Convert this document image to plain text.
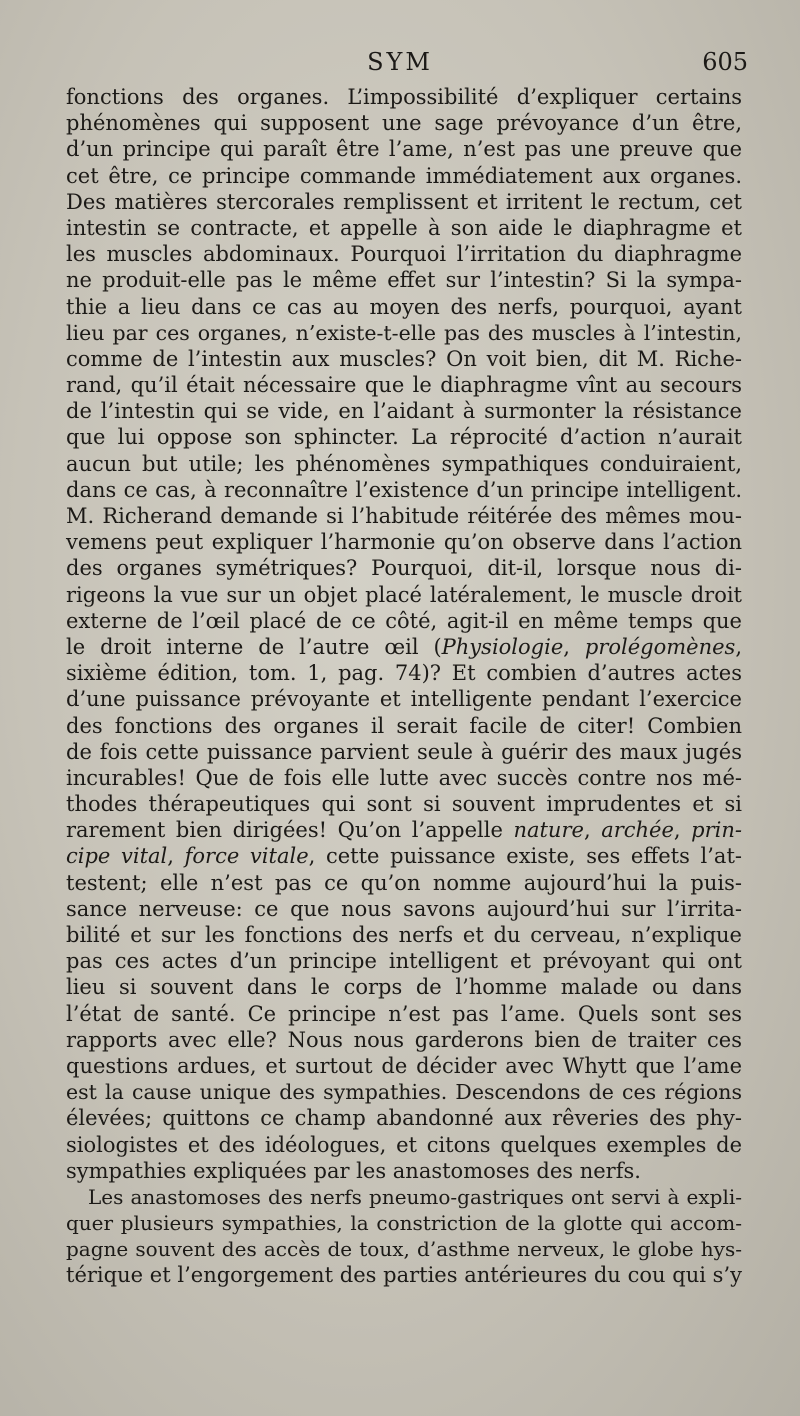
SYM	605
fonctions des organes. L’impossibilité d’expliquer certains
phénomènes qui supposent une sage prévoyance d’un être,
d’un principe qui paraît être l’ame, n’est pas une preuve que
cet être, ce principe commande immédiatement aux organes.
Des matières stercorales remplissent et irritent le rectum, cet
intestin se contracte, et appelle à son aide le diaphragme et
les muscles abdominaux. Pourquoi l’irritation du diaphragme
ne produit-elle pas le même effet sur l’intestin? Si la sympa-
thie a lieu dans ce cas au moyen des nerfs, pourquoi, ayant
lieu par ces organes, n’existe-t-elle pas des muscles à l’intestin,
comme de l’intestin aux muscles? On voit bien, dit M. Riche-
rand, qu’il était nécessaire que le diaphragme vînt au secours
de l’intestin qui se vide, en l’aidant à surmonter la résistance
que lui oppose son sphincter. La réprocité d’action n’aurait
aucun but utile; les phénomènes sympathiques conduiraient,
dans ce cas, à reconnaître l’existence d’un principe intelligent.
M. Richerand demande si l’habitude réitérée des mêmes mou-
vemens peut expliquer l’harmonie qu’on observe dans l’action
des organes symétriques? Pourquoi, dit-il, lorsque nous di-
rigeons la vue sur un objet placé latéralement, le muscle droit
externe de l’œil placé de ce côté, agit-il en même temps que
le droit interne de l’autre œil (Physiologie, prolégomènes,
sixième édition, tom. 1, pag. 74)? Et combien d’autres actes
d’une puissance prévoyante et intelligente pendant l’exercice
des fonctions des organes il serait facile de citer! Combien
de fois cette puissance parvient seule à guérir des maux jugés
incurables! Que de fois elle lutte avec succès contre nos mé-
thodes thérapeutiques qui sont si souvent imprudentes et si
rarement bien dirigées! Qu’on l’appelle nature, archée, prin-
cipe vital, force vitale, cette puissance existe, ses effets l’at-
testent; elle n’est pas ce qu’on nomme aujourd’hui la puis-
sance nerveuse: ce que nous savons aujourd’hui sur l’irrita-
bilité et sur les fonctions des nerfs et du cerveau, n’explique
pas ces actes d’un principe intelligent et prévoyant qui ont
lieu si souvent dans le corps de l’homme malade ou dans
l’état de santé. Ce principe n’est pas l’ame. Quels sont ses
rapports avec elle? Nous nous garderons bien de traiter ces
questions ardues, et surtout de décider avec Whytt que l’ame
est la cause unique des sympathies. Descendons de ces régions
élevées; quittons ce champ abandonné aux rêveries des phy-
siologistes et des idéologues, et citons quelques exemples de
sympathies expliquées par les anastomoses des nerfs.
Les anastomoses des nerfs pneumo-gastriques ont servi à expli-
quer plusieurs sympathies, la constriction de la glotte qui accom-
pagne souvent des accès de toux, d’asthme nerveux, le globe hys-
térique et l’engorgement des parties antérieures du cou qui s’y
